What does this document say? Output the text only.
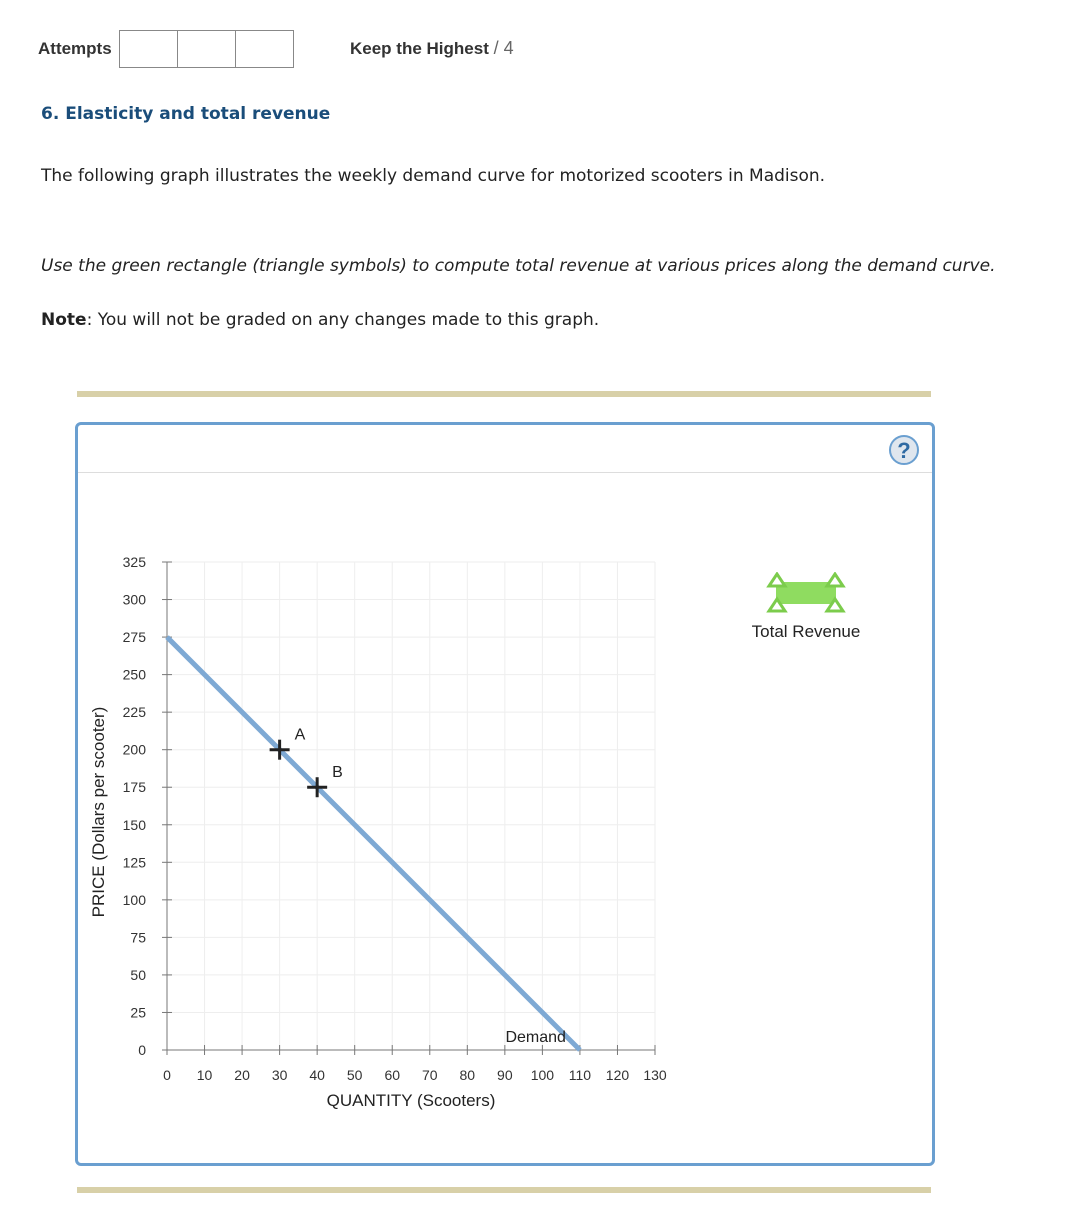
Attempts	Keep the Highest / 4
6. Elasticity and total revenue

The following graph illustrates the weekly demand curve for motorized scooters in Madison.

Use the green rectangle (triangle symbols) to compute total revenue at various prices along the demand curve.

Note: You will not be graded on any changes made to this graph.

?
0 10 20 30 40 50 60 70 80 90 100 110 120 130
0
25
50
75
100
125
150
175
200
225
250
275
300
325
Demand
A
B
QUANTITY (Scooters)
PRICE (Dollars per scooter)
Total Revenue
